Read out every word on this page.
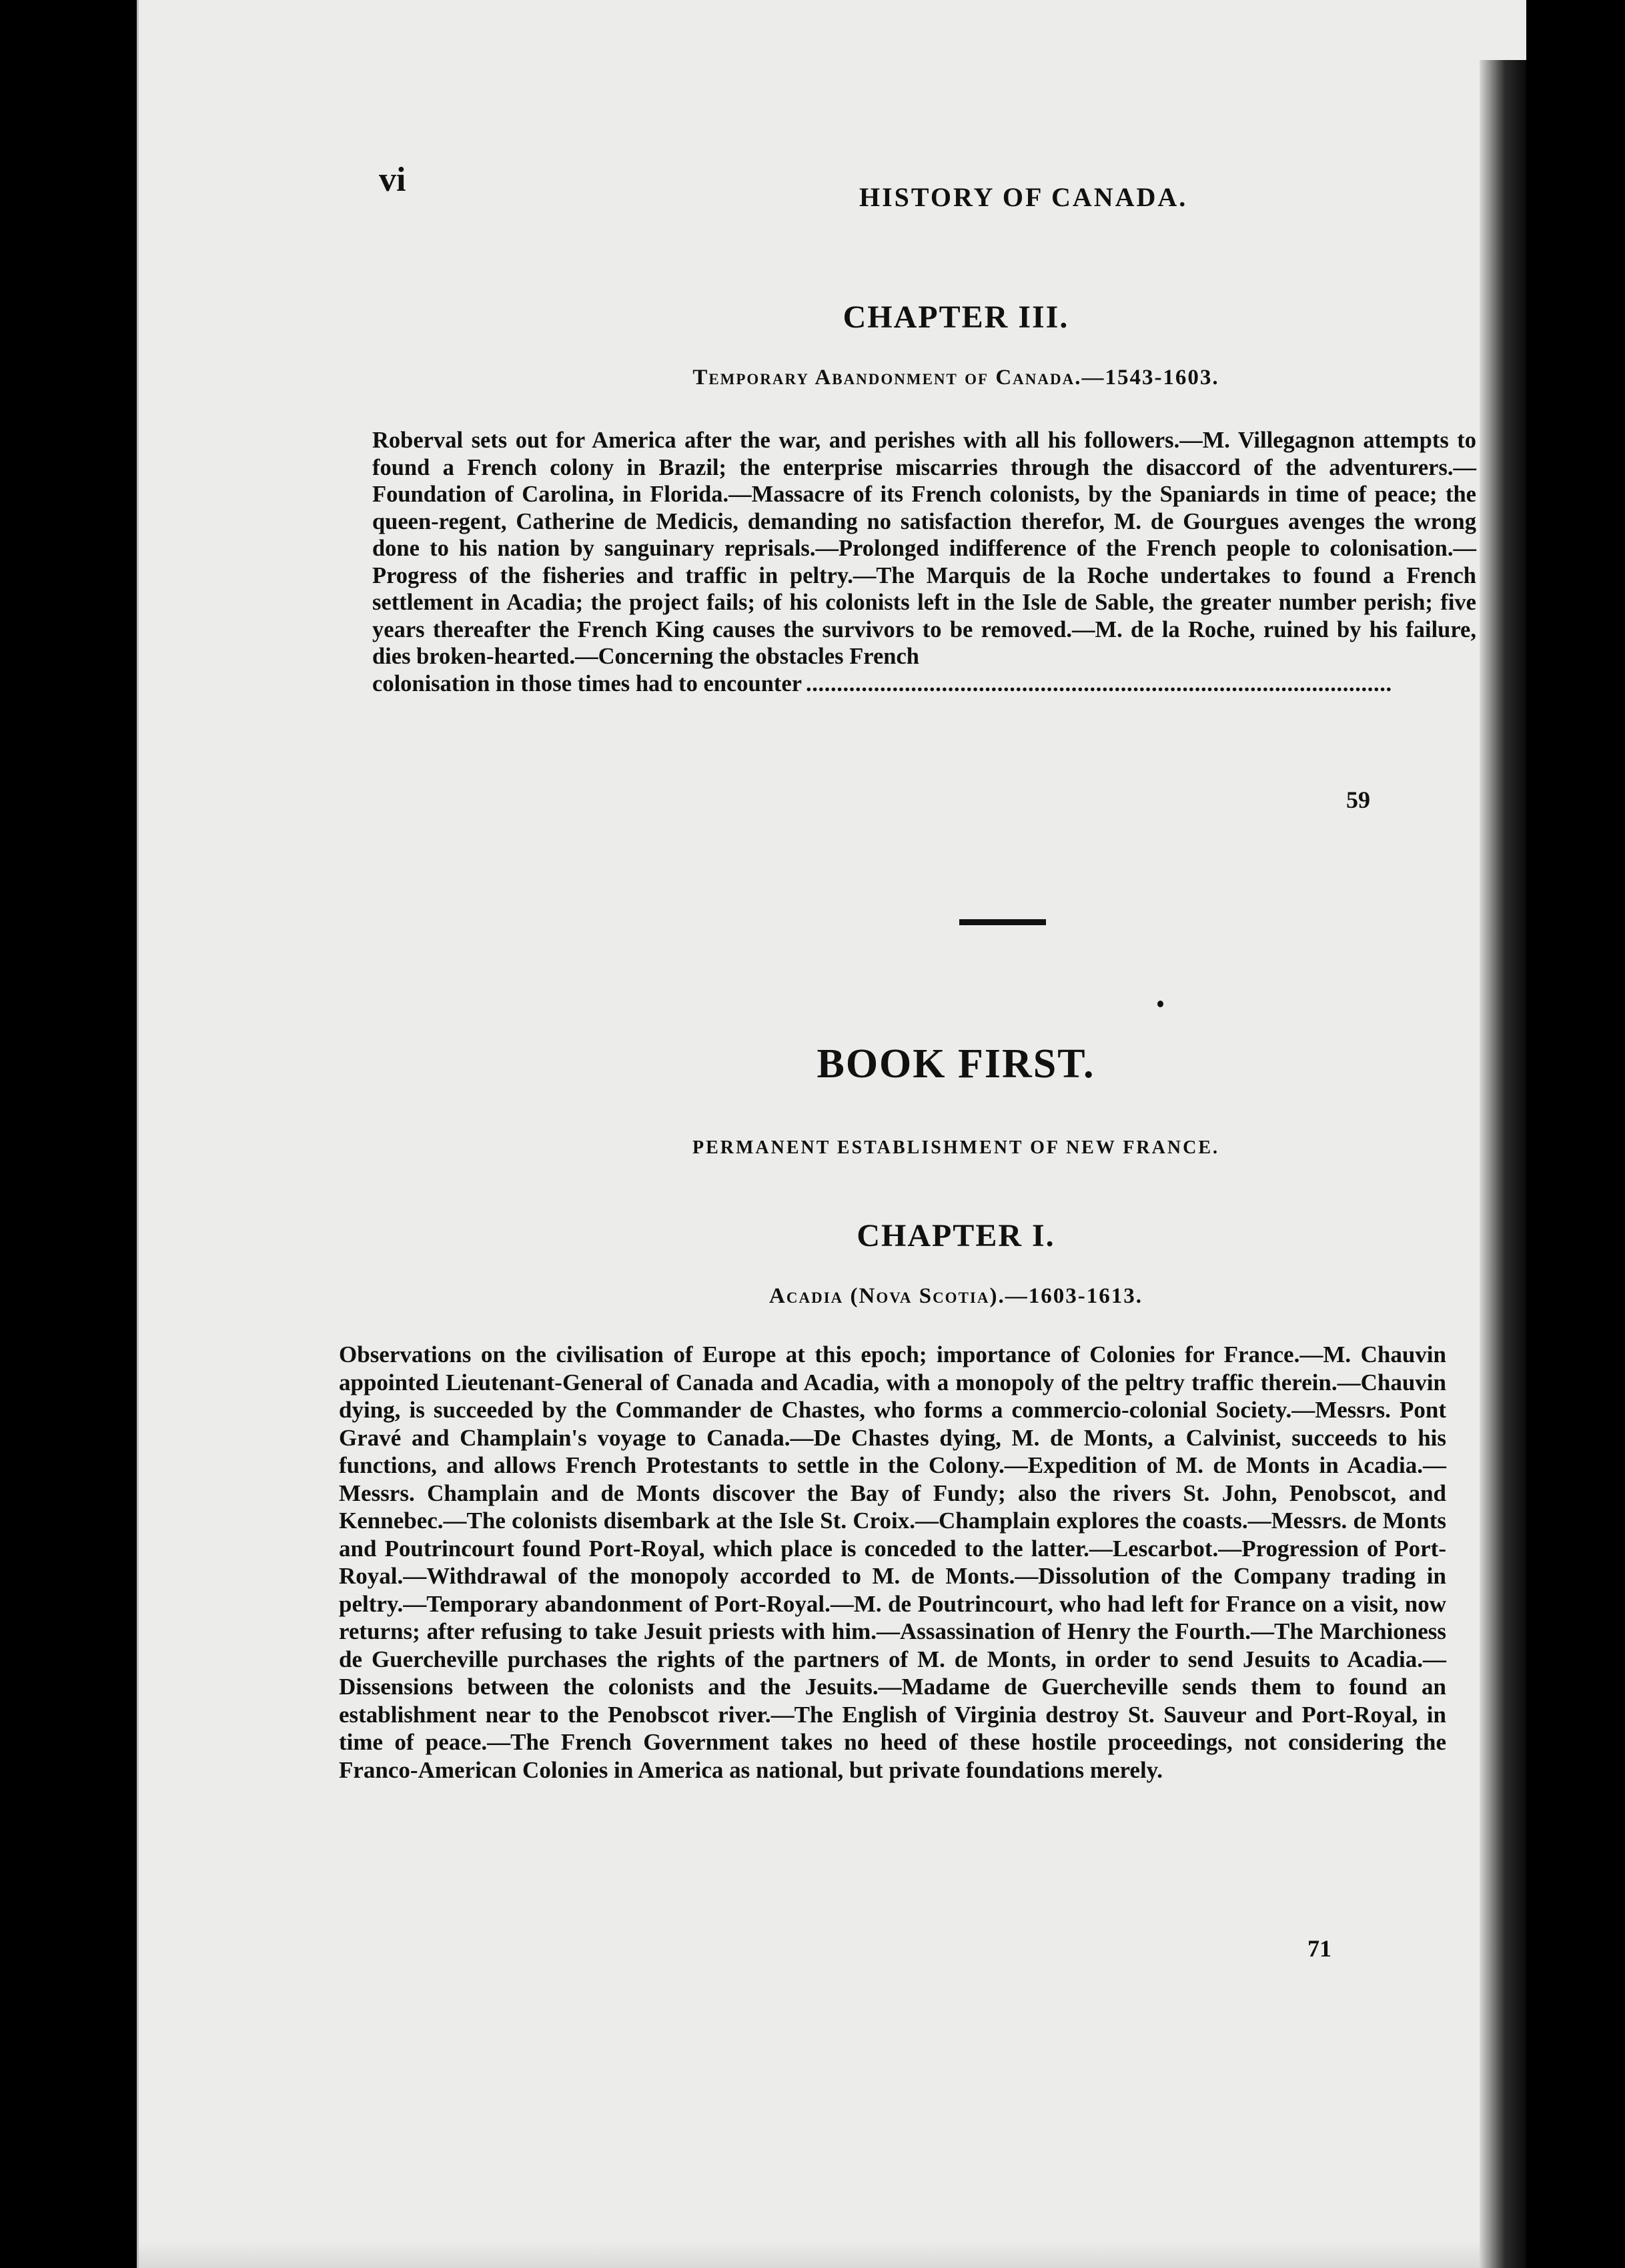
vi	HISTORY OF CANADA.
CHAPTER III.
Temporary Abandonment of Canada.—1543-1603.
Roberval sets out for America after the war, and perishes with all his followers.—M. Villegagnon attempts to found a French colony in Brazil; the enterprise miscarries through the disaccord of the adventurers.—Foundation of Carolina, in Florida.—Massacre of its French colonists, by the Spaniards in time of peace; the queen-regent, Catherine de Medicis, demanding no satisfaction therefor, M. de Gourgues avenges the wrong done to his nation by sanguinary reprisals.—Prolonged indifference of the French people to colonisation.—Progress of the fisheries and traffic in peltry.—The Marquis de la Roche undertakes to found a French settlement in Acadia; the project fails; of his colonists left in the Isle de Sable, the greater number perish; five years thereafter the French King causes the survivors to be removed.—M. de la Roche, ruined by his failure, dies broken-hearted.—Concerning the obstacles French
colonisation in those times had to encounter
. . .
59
BOOK FIRST.
PERMANENT ESTABLISHMENT OF NEW FRANCE.
CHAPTER I.
Acadia (Nova Scotia).—1603-1613.
Observations on the civilisation of Europe at this epoch; importance of Colonies for France.—M. Chauvin appointed Lieutenant-General of Canada and Acadia, with a monopoly of the peltry traffic therein.—Chauvin dying, is succeeded by the Commander de Chastes, who forms a commercio-colonial Society.—Messrs. Pont Gravé and Champlain's voyage to Canada.—De Chastes dying, M. de Monts, a Calvinist, succeeds to his functions, and allows French Protestants to settle in the Colony.—Expedition of M. de Monts in Acadia.—Messrs. Champlain and de Monts discover the Bay of Fundy; also the rivers St. John, Penobscot, and Kennebec.—The colonists disembark at the Isle St. Croix.—Champlain explores the coasts.—Messrs. de Monts and Poutrincourt found Port-Royal, which place is conceded to the latter.—Lescarbot.—Progression of Port-Royal.—Withdrawal of the monopoly accorded to M. de Monts.—Dissolution of the Company trading in peltry.—Temporary abandonment of Port-Royal.—M. de Poutrincourt, who had left for France on a visit, now returns; after refusing to take Jesuit priests with him.—Assassination of Henry the Fourth.—The Marchioness de Guercheville purchases the rights of the partners of M. de Monts, in order to send Jesuits to Acadia.—Dissensions between the colonists and the Jesuits.—Madame de Guercheville sends them to found an establishment near to the Penobscot river.—The English of Virginia destroy St. Sauveur and Port-Royal, in time of peace.—The French Government takes no heed of these hostile proceedings, not considering the Franco-American Colonies in America as national, but private foundations merely.
71
